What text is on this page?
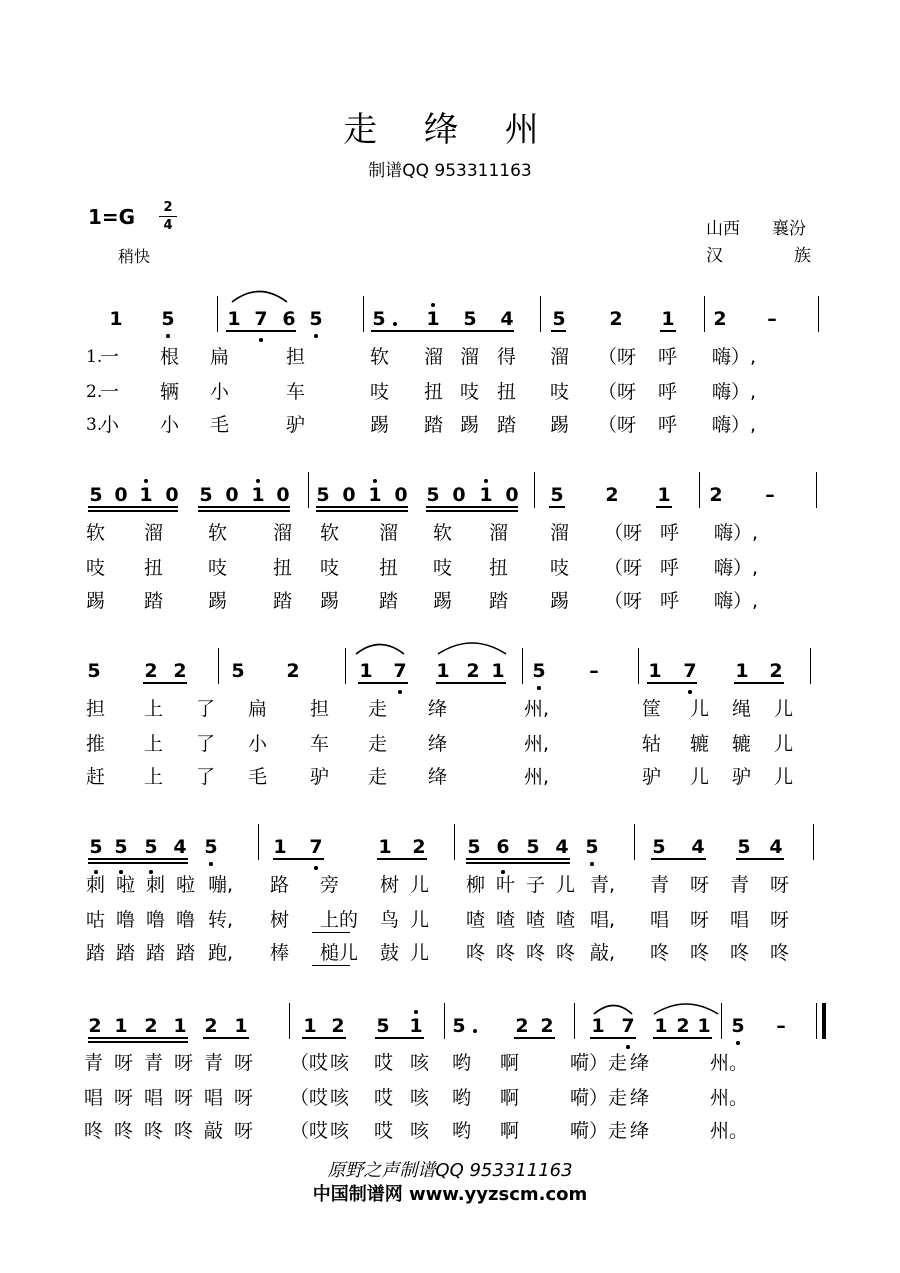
走 绛 州
制谱QQ 953311163
1=G	2
4
稍快
山西 襄汾
汉	族
1 5	1 7 6 5	5 1 5 4 5 2 1 2 –
1.
一 根 扁	担	软 溜 溜 得 溜 （呀 呼 嗨）,
2.
一 辆 小	车	吱 扭 吱 扭 吱 （呀 呼 嗨）,
3.
小 小 毛	驴	踢 踏 踢 踏 踢 （呀 呼 嗨）,
5 0 1 0 5 0 1 0 5 0 1 0 5 0 1 0 5 2 1 2 –
软 溜 软 溜 软 溜 软 溜 溜 （呀 呼 嗨）,
吱 扭 吱 扭 吱 扭 吱 扭 吱 （呀 呼 嗨）,
踢 踏 踢 踏 踢 踏 踢 踏 踢 （呀 呼 嗨）,
5 2 2 5 2	1 7 1 2 1 5 –	1 7 1 2
担 上 了 扁 担 走 绛	州,	筐 儿 绳 儿
推 上 了 小 车 走 绛	州,	轱 辘 辘 儿
赶 上 了 毛 驴 走 绛	州,	驴 儿 驴 儿
5 5 5 4 5	1 7	1 2 5 6 5 4 5	5 4 5 4
刺 啦 刺 啦 嘣, 路 旁 树 儿 柳 叶 子 儿 青, 青 呀 青 呀
咕 噜 噜 噜 转, 树 上的 鸟 儿 喳 喳 喳 喳 唱, 唱 呀 唱 呀
踏 踏 踏 踏 跑, 棒 槌儿 鼓 儿 咚 咚 咚 咚 敲, 咚 咚 咚 咚
2 1 2 1 2 1	1 2 5 1 5	2 2 1 7 1 2 1 5 –
青 呀 青 呀 青 呀 （哎 咳 哎 咳 哟 啊	嗬）走 绛	州。
唱 呀 唱 呀 唱 呀 （哎 咳 哎 咳 哟 啊	嗬）走 绛	州。
咚 咚 咚 咚 敲 呀 （哎 咳 哎 咳 哟 啊	嗬）走 绛	州。
原野之声制谱QQ 953311163
中国制谱网 www.yyzscm.com
